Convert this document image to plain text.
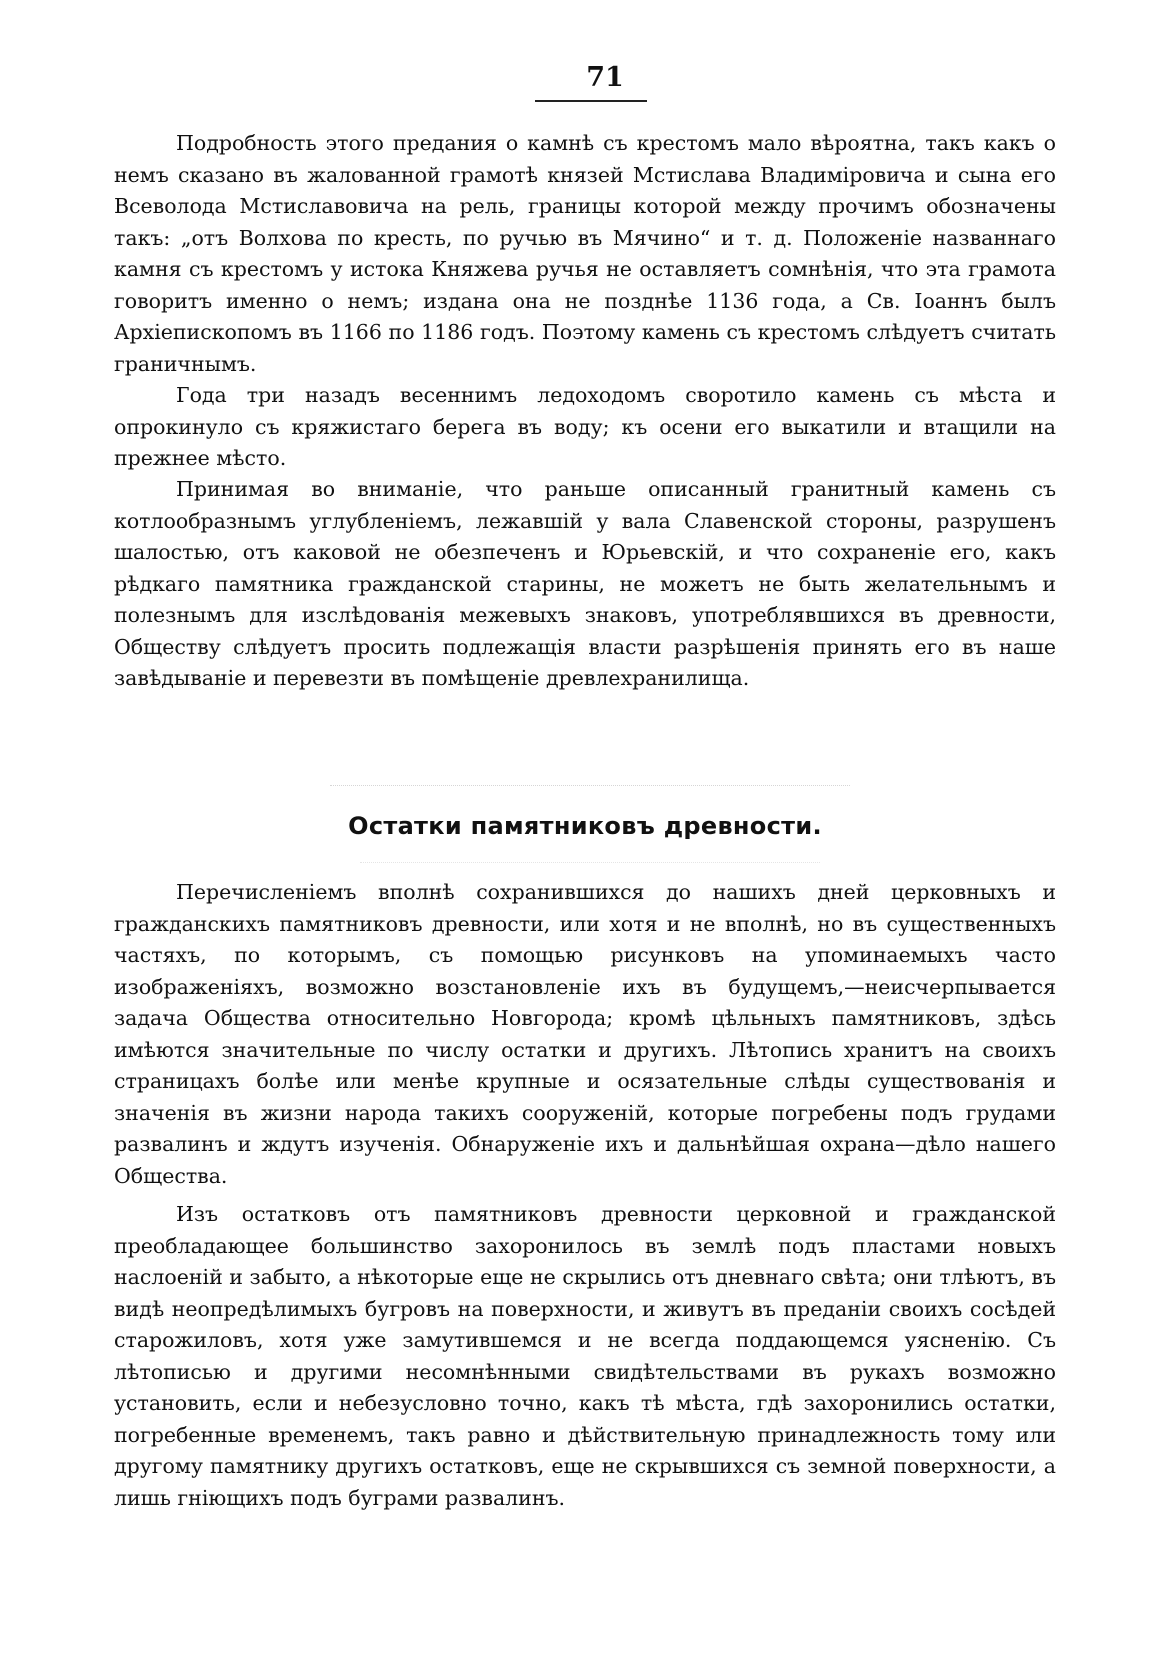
71

Подробность этого предания о камнѣ съ крестомъ мало вѣроятна, такъ какъ о немъ сказано въ жалованной грамотѣ князей Мстислава Владиміровича и сына его Всеволода Мстиславовича на рель, границы которой между прочимъ обозначены такъ: „отъ Волхова по кресть, по ручью въ Мячино“ и т. д. Положеніе названнаго камня съ крестомъ у истока Княжева ручья не оставляетъ сомнѣнія, что эта грамота говоритъ именно о немъ; издана она не позднѣе 1136 года, а Св. Іоаннъ былъ Архіепископомъ въ 1166 по 1186 годъ. Поэтому камень съ крестомъ слѣдуетъ считать граничнымъ.

Года три назадъ весеннимъ ледоходомъ своротило камень съ мѣста и опрокинуло съ кряжистаго берега въ воду; къ осени его выкатили и втащили на прежнее мѣсто.

Принимая во вниманіе, что раньше описанный гранитный камень съ котлообразнымъ углубленіемъ, лежавшій у вала Славенской стороны, разрушенъ шалостью, отъ каковой не обезпеченъ и Юрьевскій, и что сохраненіе его, какъ рѣдкаго памятника гражданской старины, не можетъ не быть желательнымъ и полезнымъ для изслѣдованія межевыхъ знаковъ, употреблявшихся въ древности, Обществу слѣдуетъ просить подлежащія власти разрѣшенія принять его въ наше завѣдываніе и перевезти въ помѣщеніе древлехранилища.

Остатки памятниковъ древности.

Перечисленіемъ вполнѣ сохранившихся до нашихъ дней церковныхъ и гражданскихъ памятниковъ древности, или хотя и не вполнѣ, но въ существенныхъ частяхъ, по которымъ, съ помощью рисунковъ на упоминаемыхъ часто изображеніяхъ, возможно возстановленіе ихъ въ будущемъ,—неисчерпывается задача Общества относительно Новгорода; кромѣ цѣльныхъ памятниковъ, здѣсь имѣются значительные по числу остатки и другихъ. Лѣтопись хранитъ на своихъ страницахъ болѣе или менѣе крупные и осязательные слѣды существованія и значенія въ жизни народа такихъ сооруженій, которые погребены подъ грудами развалинъ и ждутъ изученія. Обнаруженіе ихъ и дальнѣйшая охрана—дѣло нашего Общества.

Изъ остатковъ отъ памятниковъ древности церковной и гражданской преобладающее большинство захоронилось въ землѣ подъ пластами новыхъ наслоеній и забыто, а нѣкоторые еще не скрылись отъ дневнаго свѣта; они тлѣютъ, въ видѣ неопредѣлимыхъ бугровъ на поверхности, и живутъ въ преданіи своихъ сосѣдей старожиловъ, хотя уже замутившемся и не всегда поддающемся уясненію. Съ лѣтописью и другими несомнѣнными свидѣтельствами въ рукахъ возможно установить, если и небезусловно точно, какъ тѣ мѣста, гдѣ захоронились остатки, погребенные временемъ, такъ равно и дѣйствительную принадлежность тому или другому памятнику другихъ остатковъ, еще не скрывшихся съ земной поверхности, а лишь гніющихъ подъ буграми развалинъ.
